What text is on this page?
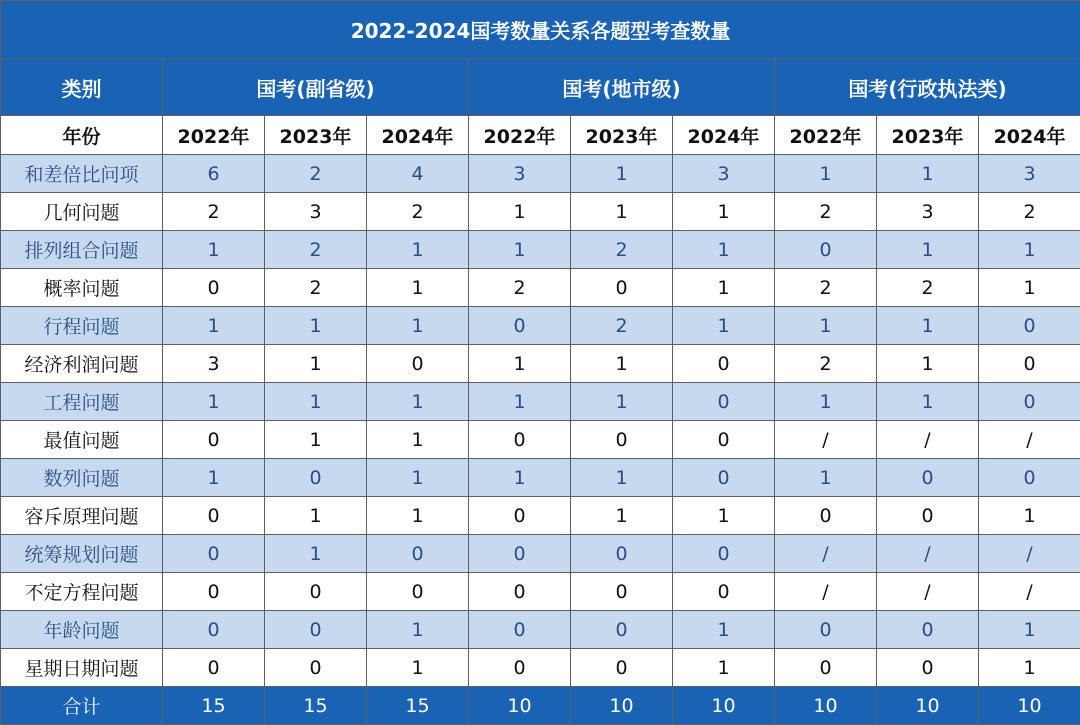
2022-2024国考数量关系各题型考查数量									
类别	国考(副省级)			国考(地市级)			国考(行政执法类)		
年份	2022年	2023年	2024年	2022年	2023年	2024年	2022年	2023年	2024年
和差倍比问项	6	2	4	3	1	3	1	1	3
几何问题	2	3	2	1	1	1	2	3	2
排列组合问题	1	2	1	1	2	1	0	1	1
概率问题	0	2	1	2	0	1	2	2	1
行程问题	1	1	1	0	2	1	1	1	0
经济利润问题	3	1	0	1	1	0	2	1	0
工程问题	1	1	1	1	1	0	1	1	0
最值问题	0	1	1	0	0	0	/	/	/
数列问题	1	0	1	1	1	0	1	0	0
容斥原理问题	0	1	1	0	1	1	0	0	1
统筹规划问题	0	1	0	0	0	0	/	/	/
不定方程问题	0	0	0	0	0	0	/	/	/
年龄问题	0	0	1	0	0	1	0	0	1
星期日期问题	0	0	1	0	0	1	0	0	1
合计	15	15	15	10	10	10	10	10	10
